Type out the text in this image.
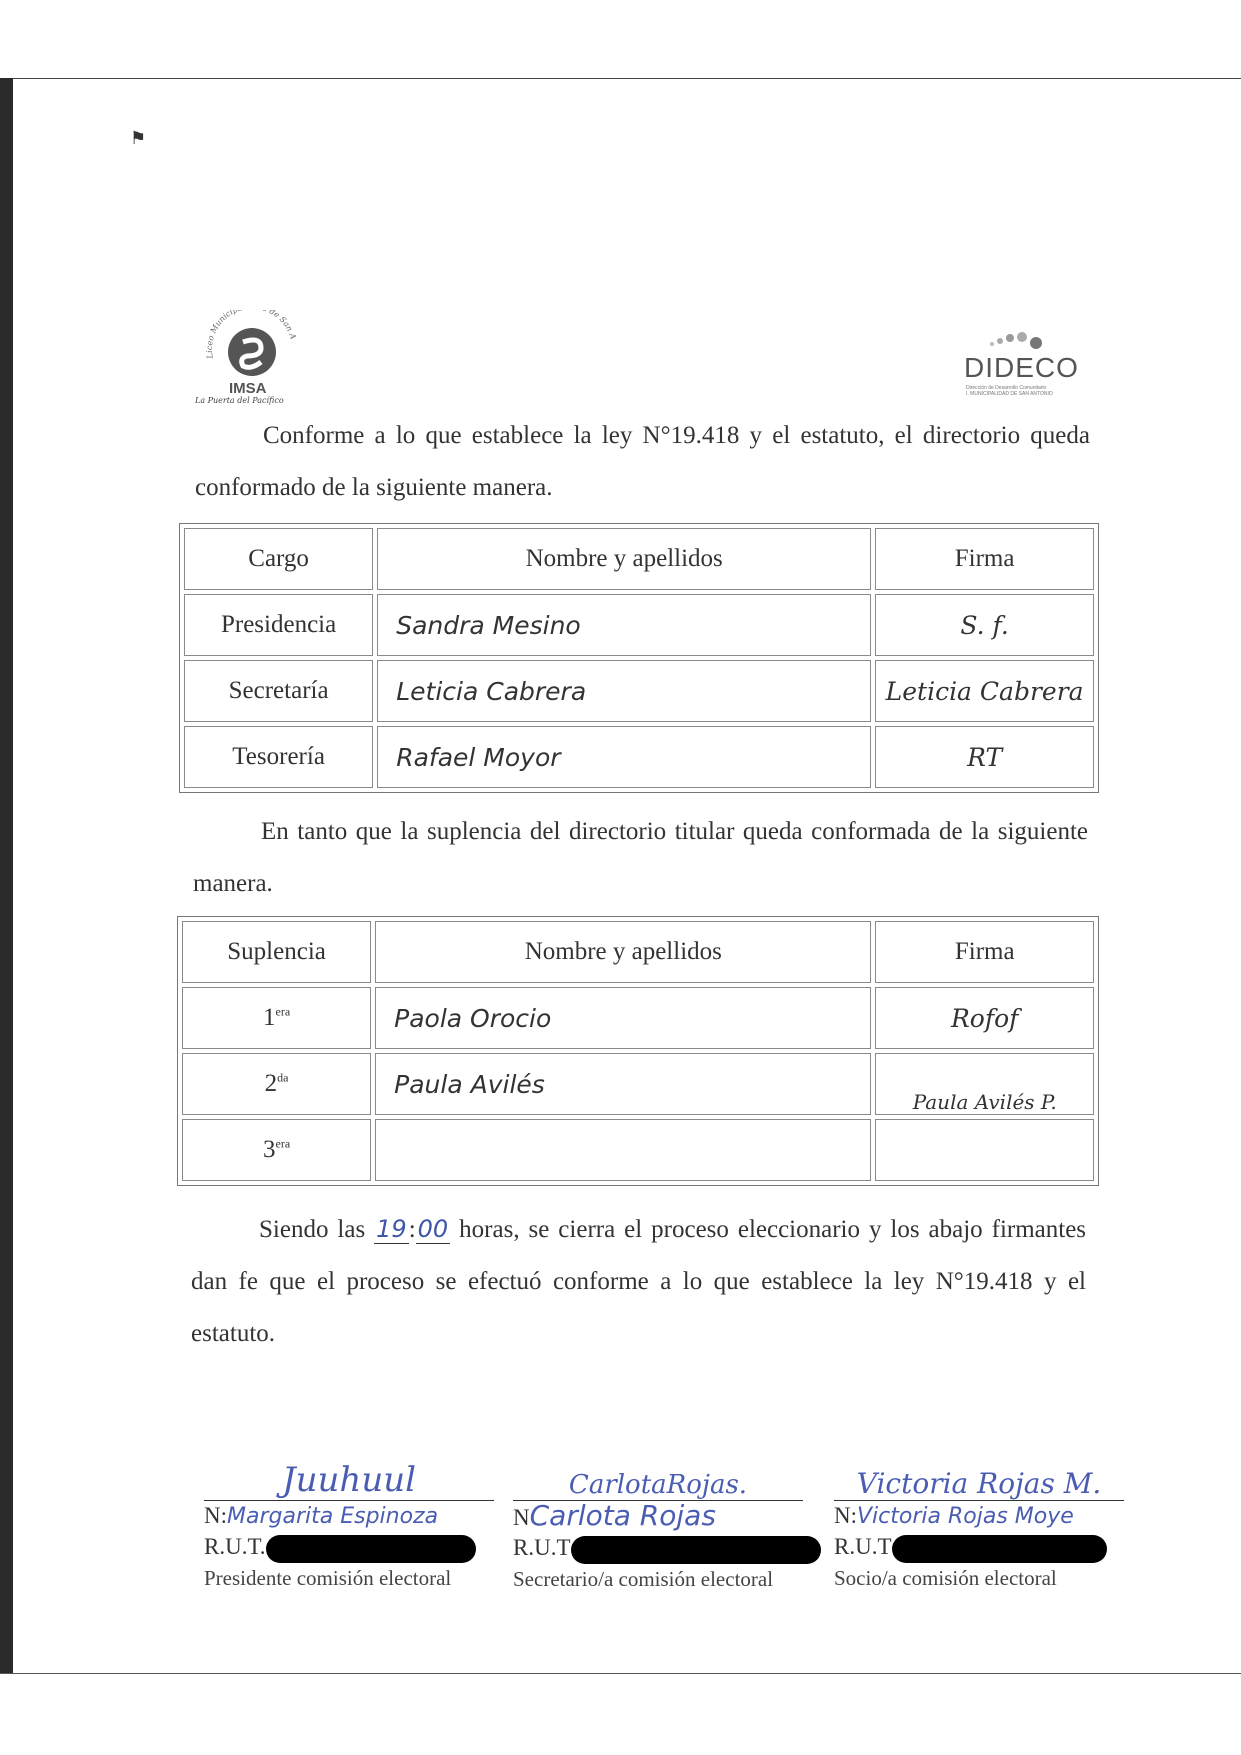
⚑
Liceo Municip de San A
IMSA
La Puerta del Pacífico
DIDECO
Dirección de Desarrollo Comunitario
I. MUNICIPALIDAD DE SAN ANTONIO

Conforme a lo que establece la ley N°19.418 y el estatuto, el directorio queda conformado de la siguiente manera.

Cargo	Nombre y apellidos	Firma
Presidencia	Sandra Mesino	S. f.
Secretaría	Leticia Cabrera	Leticia Cabrera
Tesorería	Rafael Moyor	RT

En tanto que la suplencia del directorio titular queda conformada de la siguiente manera.

Suplencia	Nombre y apellidos	Firma
$1^{era}$	Paola Orocio	Rofof
$2^{da}$	Paula Avilés	Paula Avilés P.
$3^{era}$		

Siendo las 19:00 horas, se cierra el proceso eleccionario y los abajo firmantes dan fe que el proceso se efectuó conforme a lo que establece la ley N°19.418 y el estatuto.

Juuhuul
N:Margarita Espinoza
R.U.T.
Presidente comisión electoral
CarlotaRojas.
NCarlota Rojas
R.U.T
Secretario/a comisión electoral
Victoria Rojas M.
N:Victoria Rojas Moye
R.U.T
Socio/a comisión electoral
